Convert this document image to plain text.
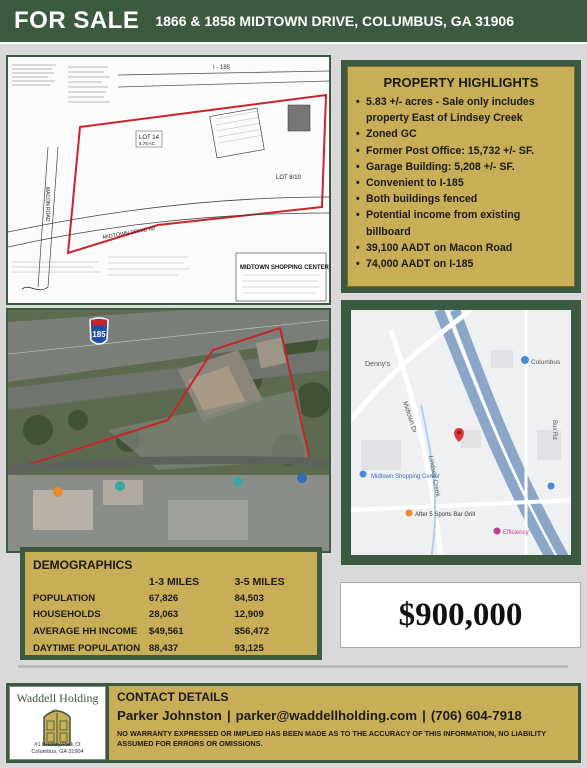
FOR SALE 1866 & 1858 MIDTOWN DRIVE, COLUMBUS, GA 31906
I - 185
MIDTOWN DRIVE 60'
MACON ROAD
LOT 14
5.75 AC
LOT 8/10
MIDTOWN SHOPPING CENTER
PROPERTY HIGHLIGHTS
• 5.83 +/- acres - Sale only includes property East of Lindsey Creek
• Zoned GC
• Former Post Office: 15,732 +/- SF.
• Garage Building: 5,208 +/- SF.
• Convenient to I-185
• Both buildings fenced
• Potential income from existing billboard
• 39,100 AADT on Macon Road
• 74,000 AADT on I-185
185
Denny's
Midtown Dr
Lindsey Creek
Midtown Shopping Center
After 5 Sports Bar Grill
Efficiency
Columbus
Bus Rd
DEMOGRAPHICS
	1-3 MILES	3-5 MILES
POPULATION	67,826	84,503
HOUSEHOLDS	28,063	12,909
AVERAGE HH INCOME	$49,561	$56,472
DAYTIME POPULATION	88,437	93,125
$900,000
Waddell Holding
#1 Bradley Park Ct
Columbus, GA 31904
CONTACT DETAILS
Parker Johnston | parker@waddellholding.com | (706) 604-7918
NO WARRANTY EXPRESSED OR IMPLIED HAS BEEN MADE AS TO THE ACCURACY OF THIS INFORMATION, NO LIABILITY ASSUMED FOR ERRORS OR OMISSIONS.
